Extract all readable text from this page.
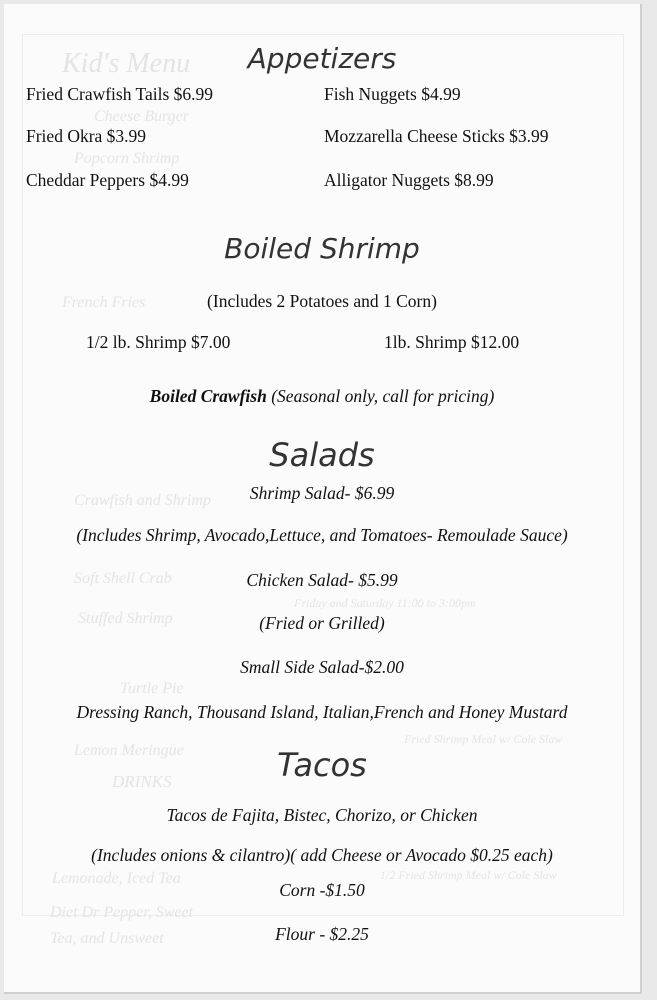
Kid's Menu
Cheese Burger
Popcorn Shrimp
French Fries
Crawfish and Shrimp
Soft Shell Crab
Stuffed Shrimp
Friday and Saturday 11:00 to 3:00pm
Turtle Pie
Lemon Meringue
Fried Shrimp Meal w/ Cole Slaw
DRINKS
Lemonade, Iced Tea	1/2 Fried Shrimp Meal w/ Cole Slaw
Diet Dr Pepper, Sweet
Tea, and Unsweet
Appetizers
Fried Crawfish Tails $6.99	Fish Nuggets $4.99
Fried Okra $3.99	Mozzarella Cheese Sticks $3.99
Cheddar Peppers $4.99	Alligator Nuggets $8.99
Boiled Shrimp
(Includes 2 Potatoes and 1 Corn)
1/2 lb. Shrimp $7.00	1lb. Shrimp $12.00
Boiled Crawfish (Seasonal only, call for pricing)
Salads
Shrimp Salad- $6.99
(Includes Shrimp, Avocado,Lettuce, and Tomatoes- Remoulade Sauce)
Chicken Salad- $5.99
(Fried or Grilled)
Small Side Salad-$2.00
Dressing Ranch, Thousand Island, Italian,French and Honey Mustard
Tacos
Tacos de Fajita, Bistec, Chorizo, or Chicken
(Includes onions & cilantro)( add Cheese or Avocado $0.25 each)
Corn -$1.50
Flour - $2.25
